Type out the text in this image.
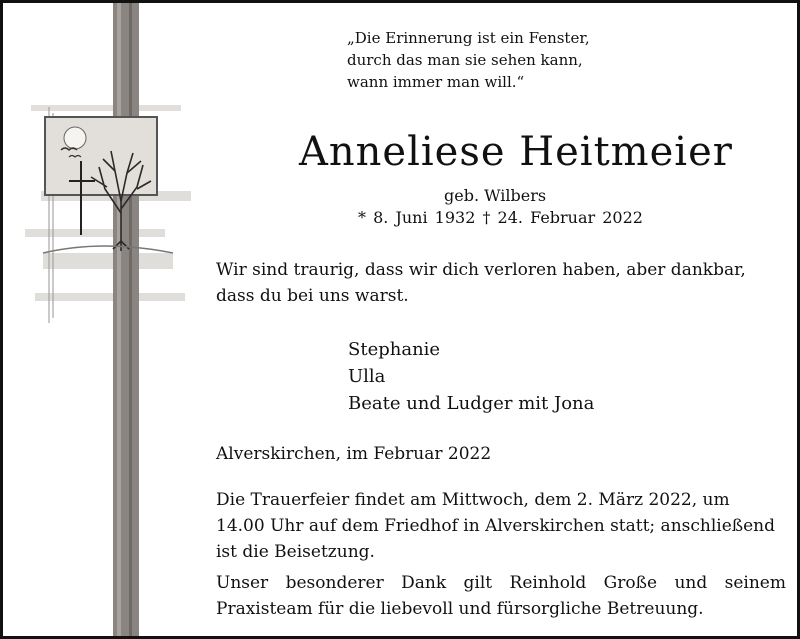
„Die Erinnerung ist ein Fenster,
durch das man sie sehen kann,
wann immer man will.“
Anneliese Heitmeier
geb. Wilbers
* 8. Juni 1932 † 24. Februar 2022
Wir sind traurig, dass wir dich verloren haben, aber dankbar, dass du bei uns warst.
Stephanie
Ulla
Beate und Ludger mit Jona
Alverskirchen, im Februar 2022
Die Trauerfeier findet am Mittwoch, dem 2. März 2022, um 14.00 Uhr auf dem Friedhof in Alverskirchen statt; anschließend ist die Beisetzung.
Unser besonderer Dank gilt Reinhold Große und seinem Praxisteam für die liebevoll und fürsorgliche Betreuung.
